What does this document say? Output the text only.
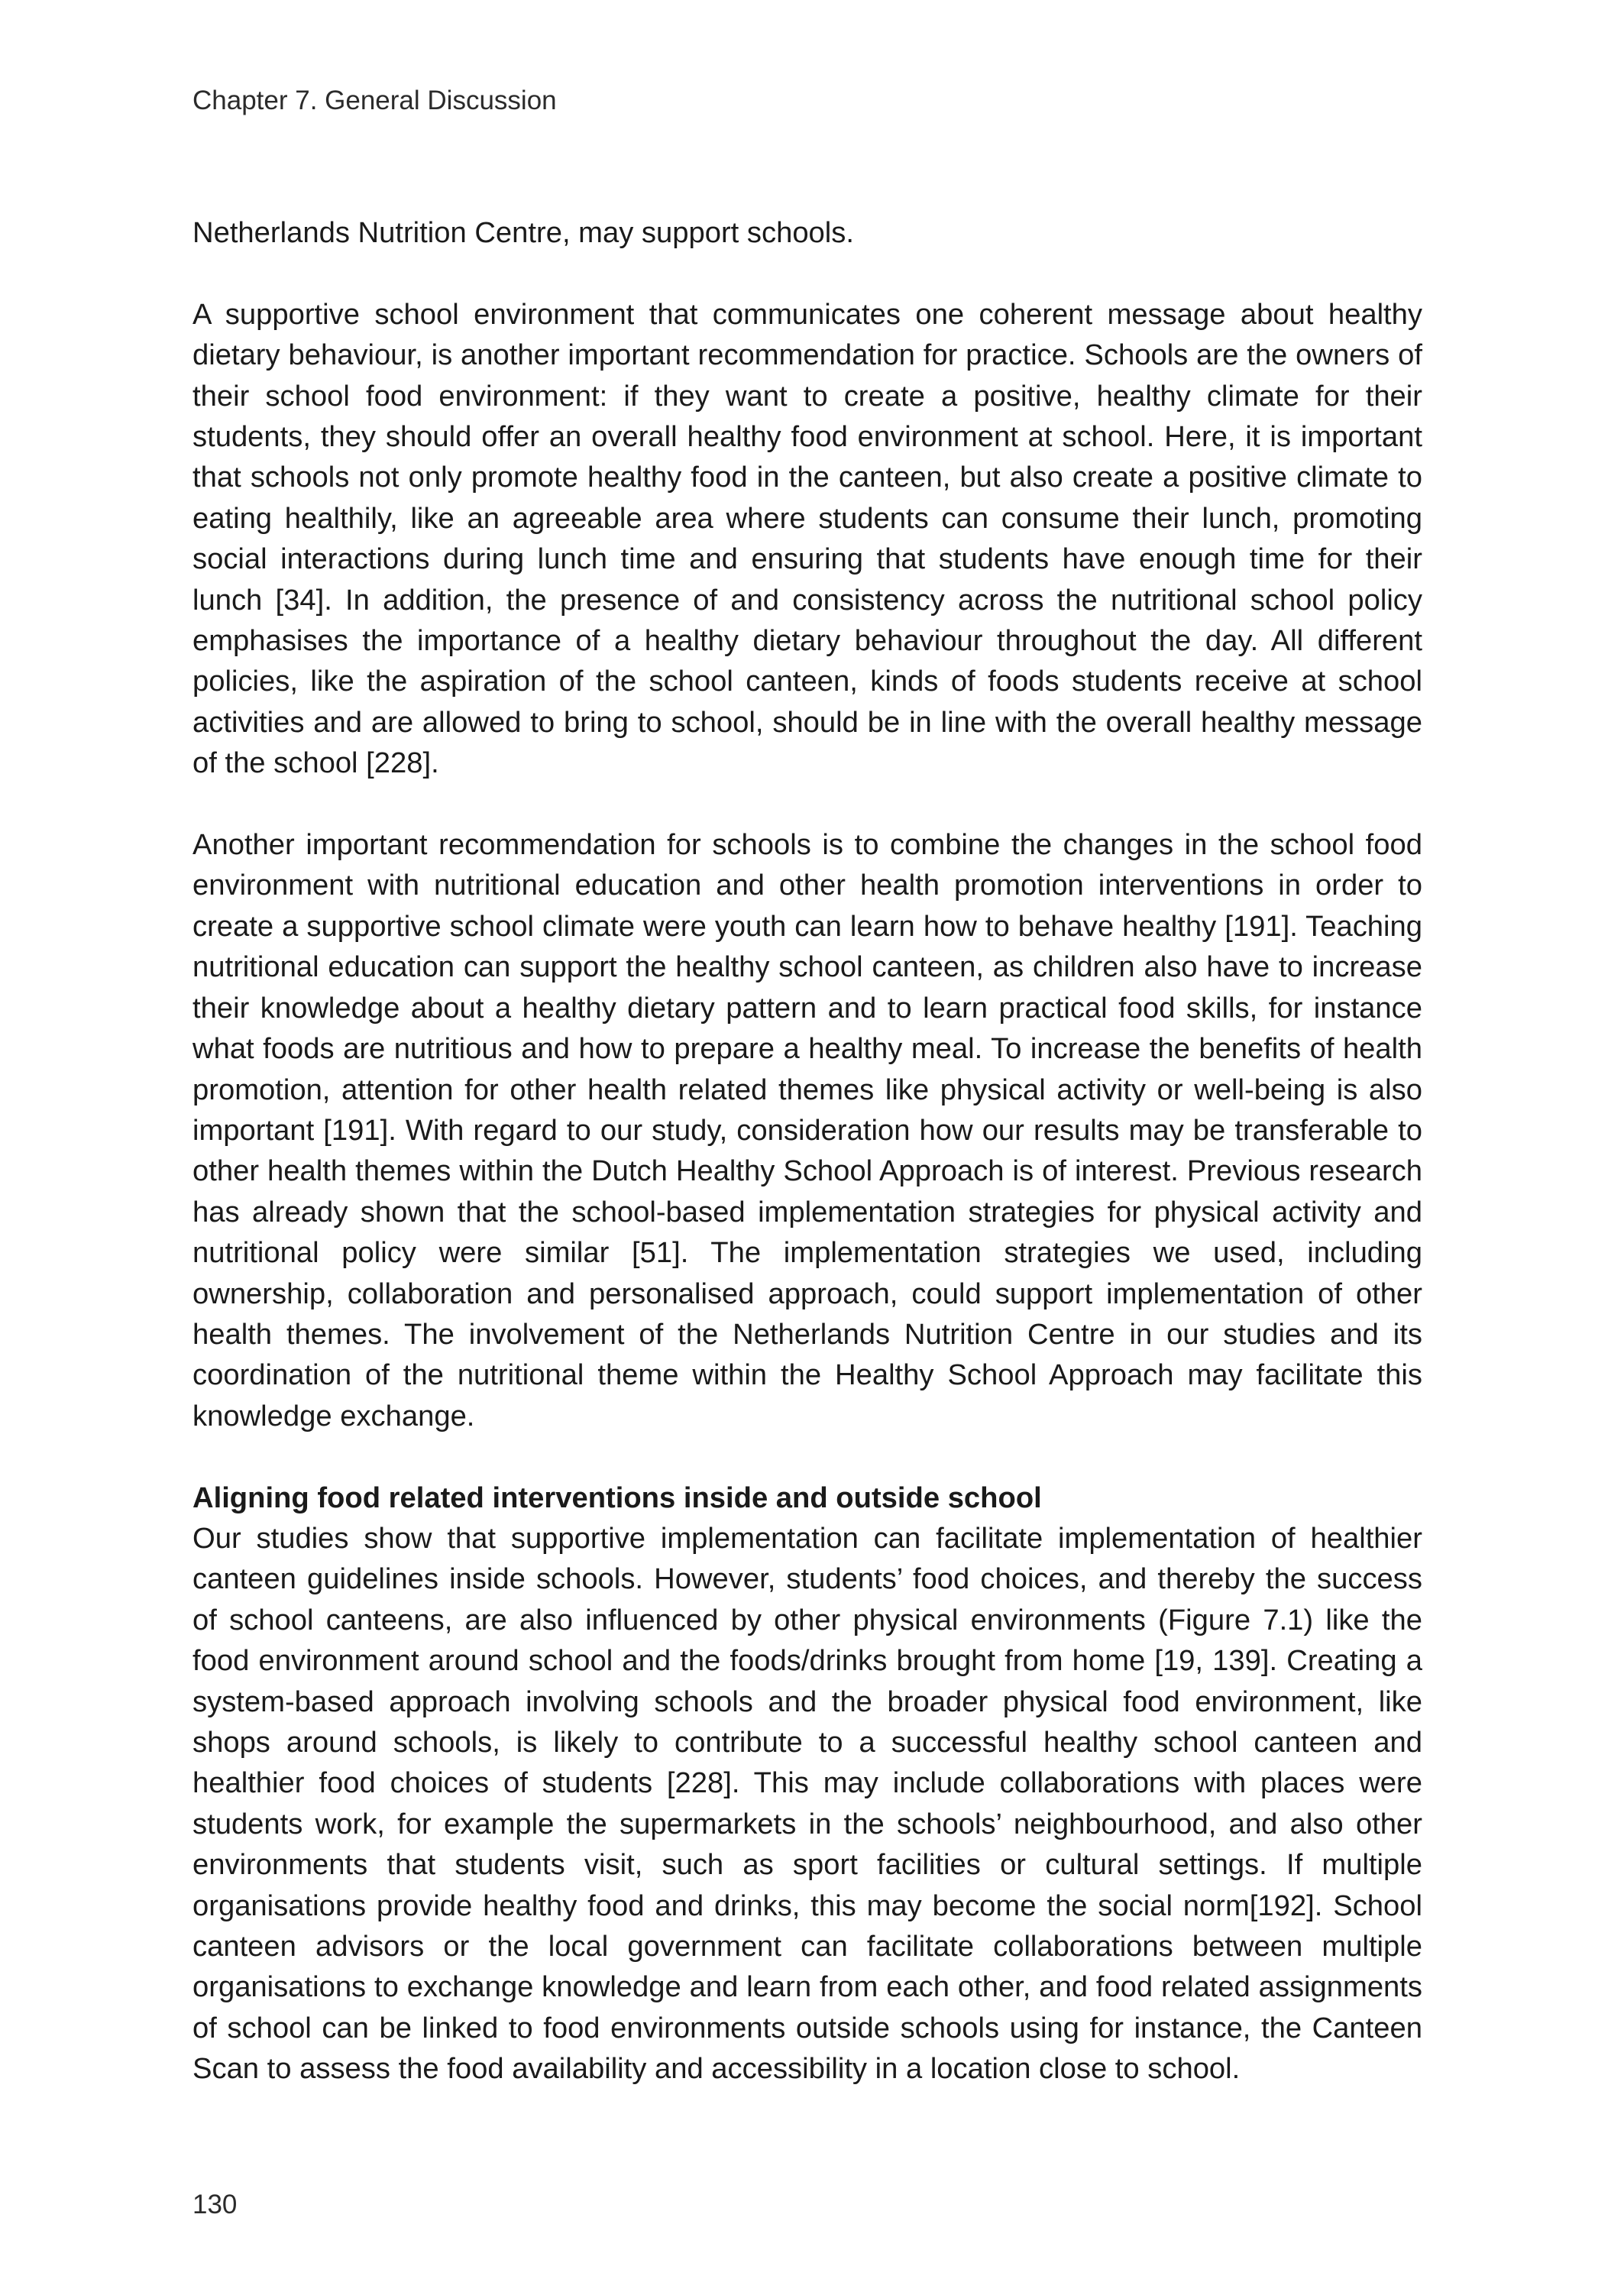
Chapter 7. General Discussion

Netherlands Nutrition Centre, may support schools.

A supportive school environment that communicates one coherent message about healthy dietary behaviour, is another important recommendation for practice. Schools are the owners of their school food environment: if they want to create a positive, healthy climate for their students, they should offer an overall healthy food environment at school. Here, it is important that schools not only promote healthy food in the canteen, but also create a positive climate to eating healthily, like an agreeable area where students can consume their lunch, promoting social interactions during lunch time and ensuring that students have enough time for their lunch [34]. In addition, the presence of and consistency across the nutritional school policy emphasises the importance of a healthy dietary behaviour throughout the day. All different policies, like the aspiration of the school canteen, kinds of foods students receive at school activities and are allowed to bring to school, should be in line with the overall healthy message of the school [228].

Another important recommendation for schools is to combine the changes in the school food environment with nutritional education and other health promotion interventions in order to create a supportive school climate were youth can learn how to behave healthy [191]. Teaching nutritional education can support the healthy school canteen, as children also have to increase their knowledge about a healthy dietary pattern and to learn practical food skills, for instance what foods are nutritious and how to prepare a healthy meal. To increase the benefits of health promotion, attention for other health related themes like physical activity or well-being is also important [191]. With regard to our study, consideration how our results may be transferable to other health themes within the Dutch Healthy School Approach is of interest. Previous research has already shown that the school-based implementation strategies for physical activity and nutritional policy were similar [51]. The implementation strategies we used, including ownership, collaboration and personalised approach, could support implementation of other health themes. The involvement of the Netherlands Nutrition Centre in our studies and its coordination of the nutritional theme within the Healthy School Approach may facilitate this knowledge exchange.

Aligning food related interventions inside and outside school

Our studies show that supportive implementation can facilitate implementation of healthier canteen guidelines inside schools. However, students’ food choices, and thereby the success of school canteens, are also influenced by other physical environments (Figure 7.1) like the food environment around school and the foods/drinks brought from home [19, 139]. Creating a system-based approach involving schools and the broader physical food environment, like shops around schools, is likely to contribute to a successful healthy school canteen and healthier food choices of students [228]. This may include collaborations with places were students work, for example the supermarkets in the schools’ neighbourhood, and also other environments that students visit, such as sport facilities or cultural settings. If multiple organisations provide healthy food and drinks, this may become the social norm[192]. School canteen advisors or the local government can facilitate collaborations between multiple organisations to exchange knowledge and learn from each other, and food related assignments of school can be linked to food environments outside schools using for instance, the Canteen Scan to assess the food availability and accessibility in a location close to school.

130
